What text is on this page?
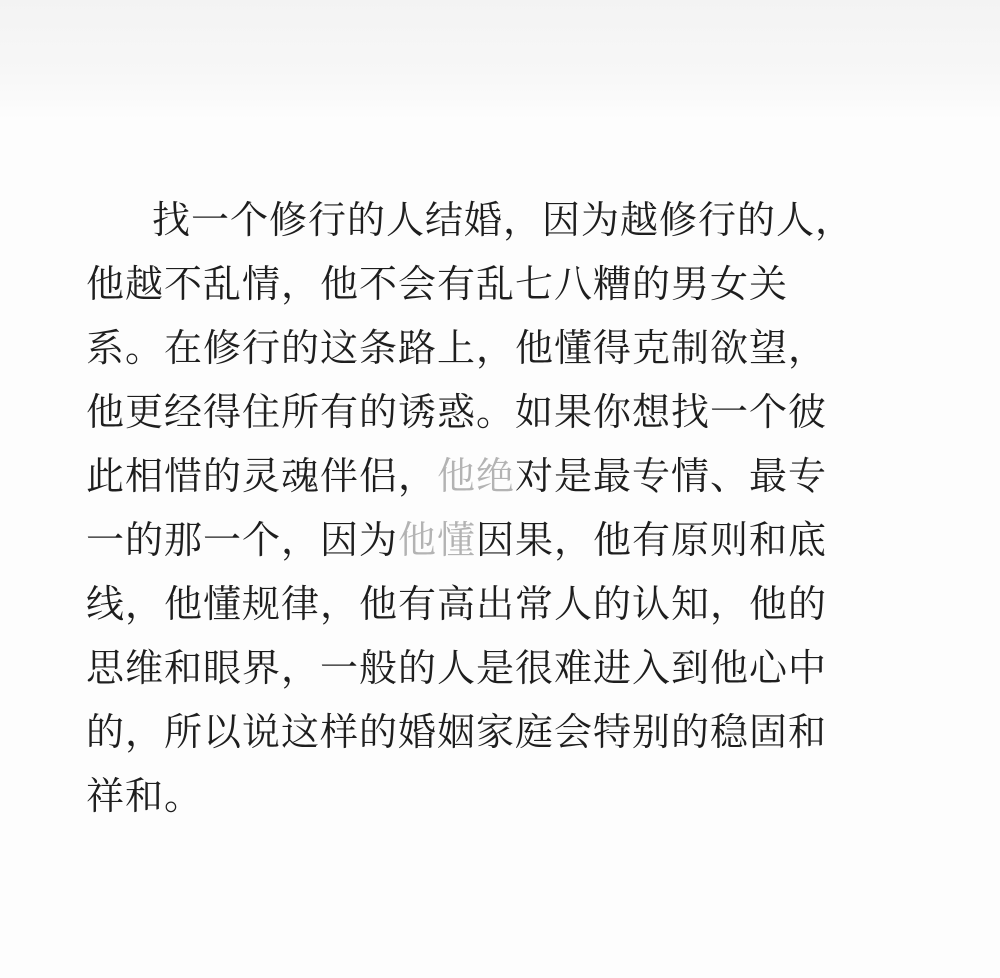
找一个修行的人结婚，因为越修行的人，
他越不乱情，他不会有乱七八糟的男女关
系。在修行的这条路上，他懂得克制欲望，
他更经得住所有的诱惑。如果你想找一个彼
此相惜的灵魂伴侣，他绝对是最专情、最专
一的那一个，因为他懂因果，他有原则和底
线，他懂规律，他有高出常人的认知，他的
思维和眼界，一般的人是很难进入到他心中
的，所以说这样的婚姻家庭会特别的稳固和
祥和。
